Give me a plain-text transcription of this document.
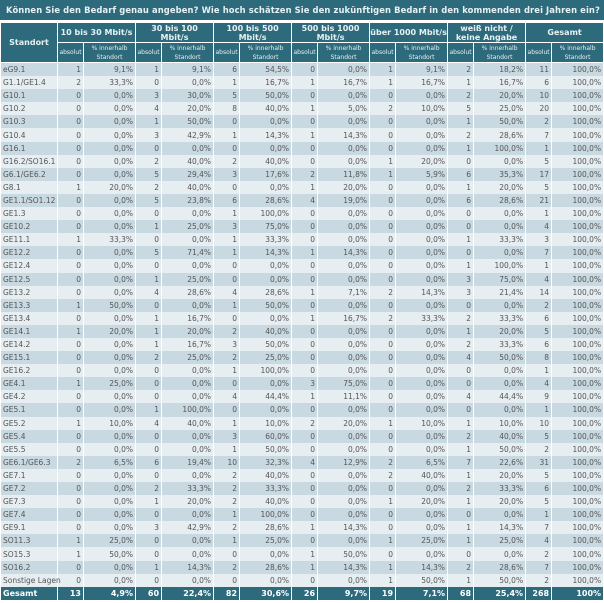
Können Sie den Bedarf genau angeben? Wie hoch schätzen Sie den zukünftigen Bedarf in den kommenden drei Jahren ein?
Standort	10 bis 30 Mbit/s		30 bis 100 Mbit/s		100 bis 500 Mbit/s		500 bis 1000 Mbit/s		über 1000 Mbit/s		weiß nicht / keine Angabe		Gesamt	
	absolut	% innerhalb Standort	absolut	% innerhalb Standort	absolut	% innerhalb Standort	absolut	% innerhalb Standort	absolut	% innerhalb Standort	absolut	% innerhalb Standort	absolut	% innerhalb Standort
eG9.1	1	9,1%	1	9,1%	6	54,5%	0	0,0%	1	9,1%	2	18,2%	11	100,0%
G1.1/GE1.4	2	33,3%	0	0,0%	1	16,7%	1	16,7%	1	16,7%	1	16,7%	6	100,0%
G10.1	0	0,0%	3	30,0%	5	50,0%	0	0,0%	0	0,0%	2	20,0%	10	100,0%
G10.2	0	0,0%	4	20,0%	8	40,0%	1	5,0%	2	10,0%	5	25,0%	20	100,0%
G10.3	0	0,0%	1	50,0%	0	0,0%	0	0,0%	0	0,0%	1	50,0%	2	100,0%
G10.4	0	0,0%	3	42,9%	1	14,3%	1	14,3%	0	0,0%	2	28,6%	7	100,0%
G16.1	0	0,0%	0	0,0%	0	0,0%	0	0,0%	0	0,0%	1	100,0%	1	100,0%
G16.2/SO16.1	0	0,0%	2	40,0%	2	40,0%	0	0,0%	1	20,0%	0	0,0%	5	100,0%
G6.1/GE6.2	0	0,0%	5	29,4%	3	17,6%	2	11,8%	1	5,9%	6	35,3%	17	100,0%
G8.1	1	20,0%	2	40,0%	0	0,0%	1	20,0%	0	0,0%	1	20,0%	5	100,0%
GE1.1/SO1.12	0	0,0%	5	23,8%	6	28,6%	4	19,0%	0	0,0%	6	28,6%	21	100,0%
GE1.3	0	0,0%	0	0,0%	1	100,0%	0	0,0%	0	0,0%	0	0,0%	1	100,0%
GE10.2	0	0,0%	1	25,0%	3	75,0%	0	0,0%	0	0,0%	0	0,0%	4	100,0%
GE11.1	1	33,3%	0	0,0%	1	33,3%	0	0,0%	0	0,0%	1	33,3%	3	100,0%
GE12.2	0	0,0%	5	71,4%	1	14,3%	1	14,3%	0	0,0%	0	0,0%	7	100,0%
GE12.4	0	0,0%	0	0,0%	0	0,0%	0	0,0%	0	0,0%	1	100,0%	1	100,0%
GE12.5	0	0,0%	1	25,0%	0	0,0%	0	0,0%	0	0,0%	3	75,0%	4	100,0%
GE13.2	0	0,0%	4	28,6%	4	28,6%	1	7,1%	2	14,3%	3	21,4%	14	100,0%
GE13.3	1	50,0%	0	0,0%	1	50,0%	0	0,0%	0	0,0%	0	0,0%	2	100,0%
GE13.4	0	0,0%	1	16,7%	0	0,0%	1	16,7%	2	33,3%	2	33,3%	6	100,0%
GE14.1	1	20,0%	1	20,0%	2	40,0%	0	0,0%	0	0,0%	1	20,0%	5	100,0%
GE14.2	0	0,0%	1	16,7%	3	50,0%	0	0,0%	0	0,0%	2	33,3%	6	100,0%
GE15.1	0	0,0%	2	25,0%	2	25,0%	0	0,0%	0	0,0%	4	50,0%	8	100,0%
GE16.2	0	0,0%	0	0,0%	1	100,0%	0	0,0%	0	0,0%	0	0,0%	1	100,0%
GE4.1	1	25,0%	0	0,0%	0	0,0%	3	75,0%	0	0,0%	0	0,0%	4	100,0%
GE4.2	0	0,0%	0	0,0%	4	44,4%	1	11,1%	0	0,0%	4	44,4%	9	100,0%
GE5.1	0	0,0%	1	100,0%	0	0,0%	0	0,0%	0	0,0%	0	0,0%	1	100,0%
GE5.2	1	10,0%	4	40,0%	1	10,0%	2	20,0%	1	10,0%	1	10,0%	10	100,0%
GE5.4	0	0,0%	0	0,0%	3	60,0%	0	0,0%	0	0,0%	2	40,0%	5	100,0%
GE5.5	0	0,0%	0	0,0%	1	50,0%	0	0,0%	0	0,0%	1	50,0%	2	100,0%
GE6.1/GE6.3	2	6,5%	6	19,4%	10	32,3%	4	12,9%	2	6,5%	7	22,6%	31	100,0%
GE7.1	0	0,0%	0	0,0%	2	40,0%	0	0,0%	2	40,0%	1	20,0%	5	100,0%
GE7.2	0	0,0%	2	33,3%	2	33,3%	0	0,0%	0	0,0%	2	33,3%	6	100,0%
GE7.3	0	0,0%	1	20,0%	2	40,0%	0	0,0%	1	20,0%	1	20,0%	5	100,0%
GE7.4	0	0,0%	0	0,0%	1	100,0%	0	0,0%	0	0,0%	0	0,0%	1	100,0%
GE9.1	0	0,0%	3	42,9%	2	28,6%	1	14,3%	0	0,0%	1	14,3%	7	100,0%
SO11.3	1	25,0%	0	0,0%	1	25,0%	0	0,0%	1	25,0%	1	25,0%	4	100,0%
SO15.3	1	50,0%	0	0,0%	0	0,0%	1	50,0%	0	0,0%	0	0,0%	2	100,0%
SO16.2	0	0,0%	1	14,3%	2	28,6%	1	14,3%	1	14,3%	2	28,6%	7	100,0%
Sonstige Lagen	0	0,0%	0	0,0%	0	0,0%	0	0,0%	1	50,0%	1	50,0%	2	100,0%
Gesamt	13	4,9%	60	22,4%	82	30,6%	26	9,7%	19	7,1%	68	25,4%	268	100%
